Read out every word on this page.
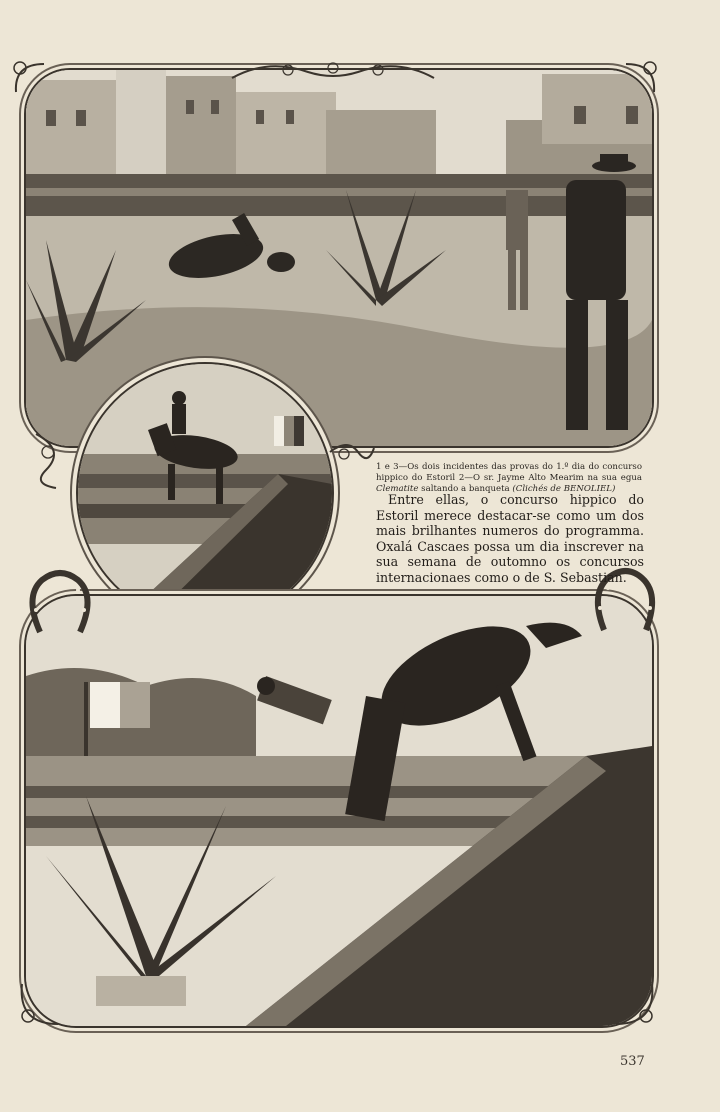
1 e 3—Os dois incidentes das provas do 1.º dia do concurso hippico do Estoril 2—O sr. Jayme Alto Mearim na sua egua Clematite saltando a banqueta (Clichés de BENOLIEL)
Entre ellas, o concurso hippico do Estoril merece destacar-se como um dos mais brilhantes numeros do programma. Oxalá Cascaes possa um dia inscrever na sua semana de outomno os concursos internacionaes como o de S. Sebastian.
537
